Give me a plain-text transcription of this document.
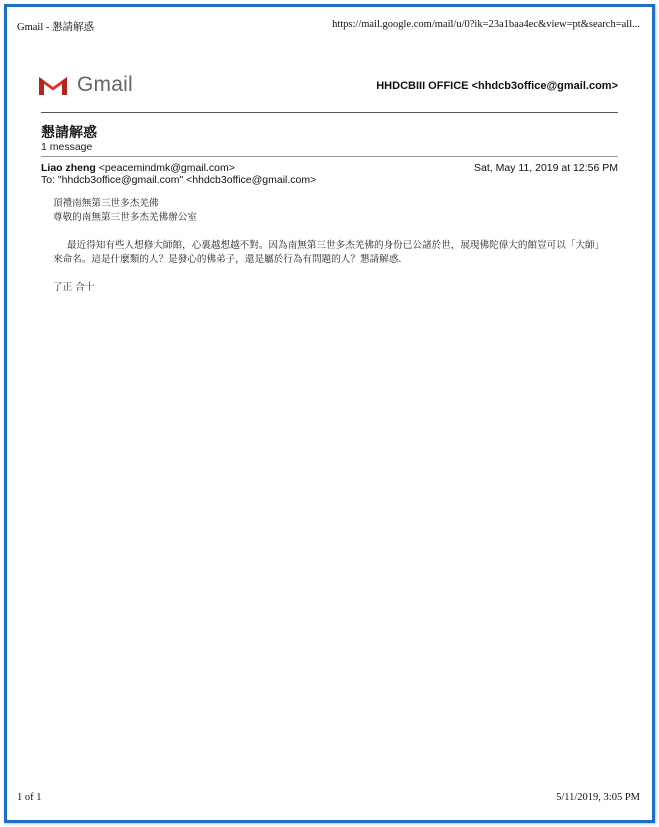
Gmail - 懇請解惑	https://mail.google.com/mail/u/0?ik=23a1baa4ec&view=pt&search=all...
Gmail	HHDCBIII OFFICE <hhdcb3office@gmail.com>
懇請解惑
1 message
Liao zheng <peacemindmk@gmail.com>	Sat, May 11, 2019 at 12:56 PM
To: "hhdcb3office@gmail.com" <hhdcb3office@gmail.com>

頂禮南無第三世多杰羌佛

尊敬的南無第三世多杰羌佛辦公室

最近得知有些人想修大師館，心裏越想越不對。因為南無第三世多杰羌佛的身份已公諸於世，展現佛陀偉大的館豈可以「大師」來命名。這是什麼類的人？是發心的佛弟子，還是屬於行為有問題的人？懇請解惑.

了正 合十

1 of 1	5/11/2019, 3:05 PM
